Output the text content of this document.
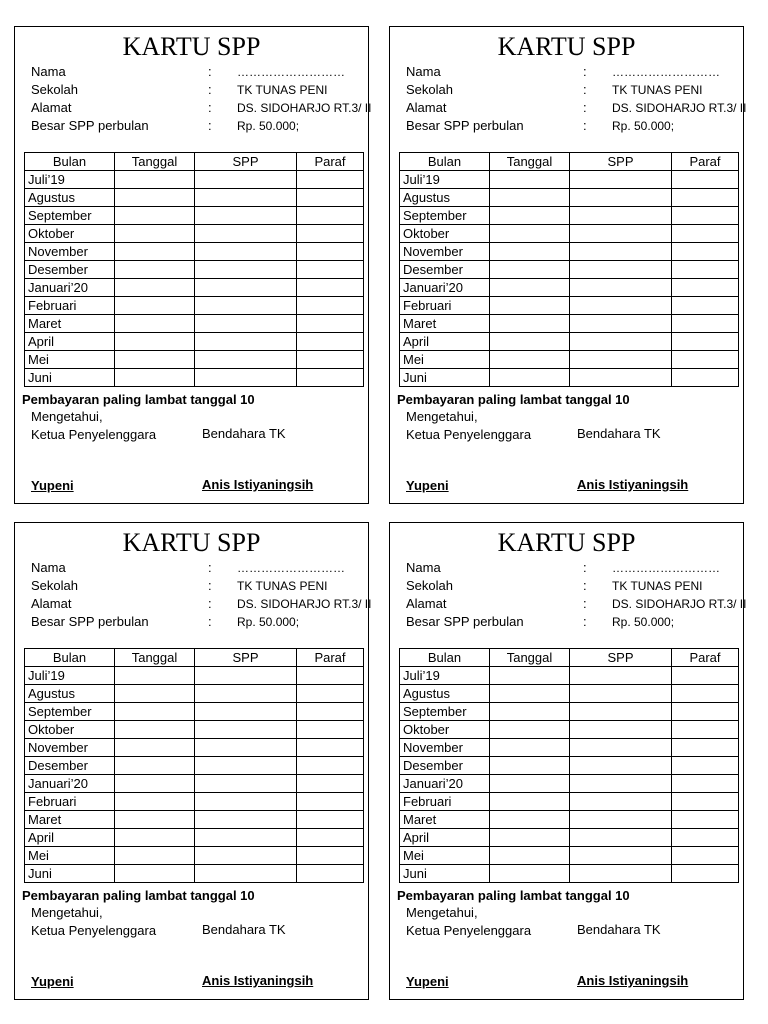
KARTU SPP
Nama	: ………………………
Sekolah	: TK TUNAS PENI
Alamat	: DS. SIDOHARJO RT.3/ II
Besar SPP perbulan	: Rp. 50.000;
Bulan	Tanggal	SPP	Paraf
Juli’19			
Agustus			
September			
Oktober			
November			
Desember			
Januari’20			
Februari			
Maret			
April			
Mei			
Juni			
Pembayaran paling lambat tanggal 10
Mengetahui,
Ketua Penyelenggara	Bendahara TK
Yupeni	Anis Istiyaningsih
KARTU SPP
Nama	: ………………………
Sekolah	: TK TUNAS PENI
Alamat	: DS. SIDOHARJO RT.3/ II
Besar SPP perbulan	: Rp. 50.000;
Bulan	Tanggal	SPP	Paraf
Juli’19			
Agustus			
September			
Oktober			
November			
Desember			
Januari’20			
Februari			
Maret			
April			
Mei			
Juni			
Pembayaran paling lambat tanggal 10
Mengetahui,
Ketua Penyelenggara	Bendahara TK
Yupeni	Anis Istiyaningsih
KARTU SPP
Nama	: ………………………
Sekolah	: TK TUNAS PENI
Alamat	: DS. SIDOHARJO RT.3/ II
Besar SPP perbulan	: Rp. 50.000;
Bulan	Tanggal	SPP	Paraf
Juli’19			
Agustus			
September			
Oktober			
November			
Desember			
Januari’20			
Februari			
Maret			
April			
Mei			
Juni			
Pembayaran paling lambat tanggal 10
Mengetahui,
Ketua Penyelenggara	Bendahara TK
Yupeni	Anis Istiyaningsih
KARTU SPP
Nama	: ………………………
Sekolah	: TK TUNAS PENI
Alamat	: DS. SIDOHARJO RT.3/ II
Besar SPP perbulan	: Rp. 50.000;
Bulan	Tanggal	SPP	Paraf
Juli’19			
Agustus			
September			
Oktober			
November			
Desember			
Januari’20			
Februari			
Maret			
April			
Mei			
Juni			
Pembayaran paling lambat tanggal 10
Mengetahui,
Ketua Penyelenggara	Bendahara TK
Yupeni	Anis Istiyaningsih
